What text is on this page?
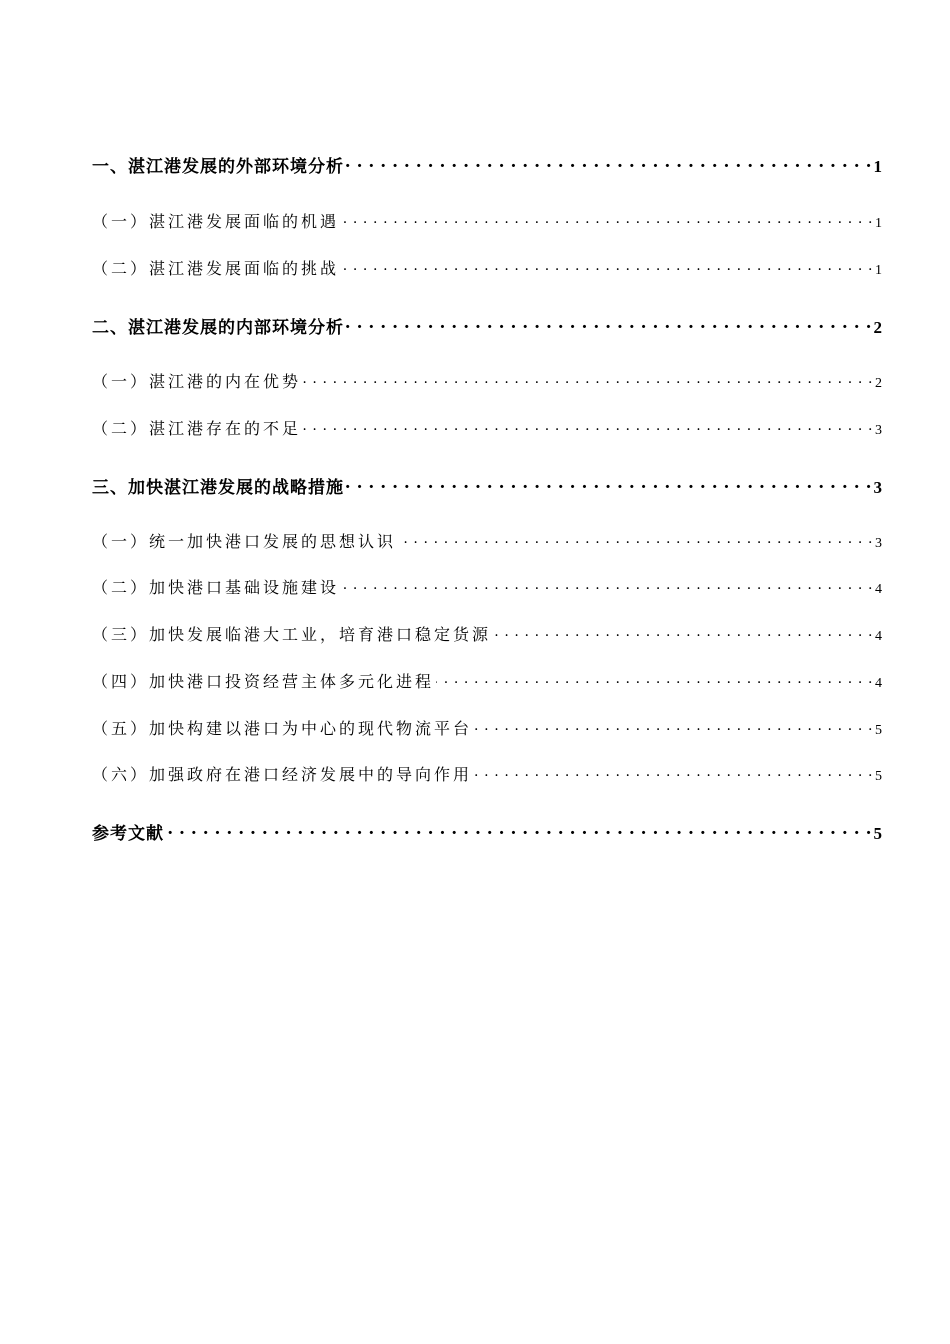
一、湛江港发展的外部环境分析 . . .	1
（一）湛江港发展面临的机遇 . . .	1
（二）湛江港发展面临的挑战 . . .	1
二、湛江港发展的内部环境分析 . . .	2
（一）湛江港的内在优势 . . .	2
（二）湛江港存在的不足 . . .	3
三、加快湛江港发展的战略措施 . . .	3
（一）统一加快港口发展的思想认识 . . .	3
（二）加快港口基础设施建设 . . .	4
（三）加快发展临港大工业，培育港口稳定货源 . . .	4
（四）加快港口投资经营主体多元化进程 . . .	4
（五）加快构建以港口为中心的现代物流平台 . . .	5
（六）加强政府在港口经济发展中的导向作用 . . .	5
参考文献 . . .	5
